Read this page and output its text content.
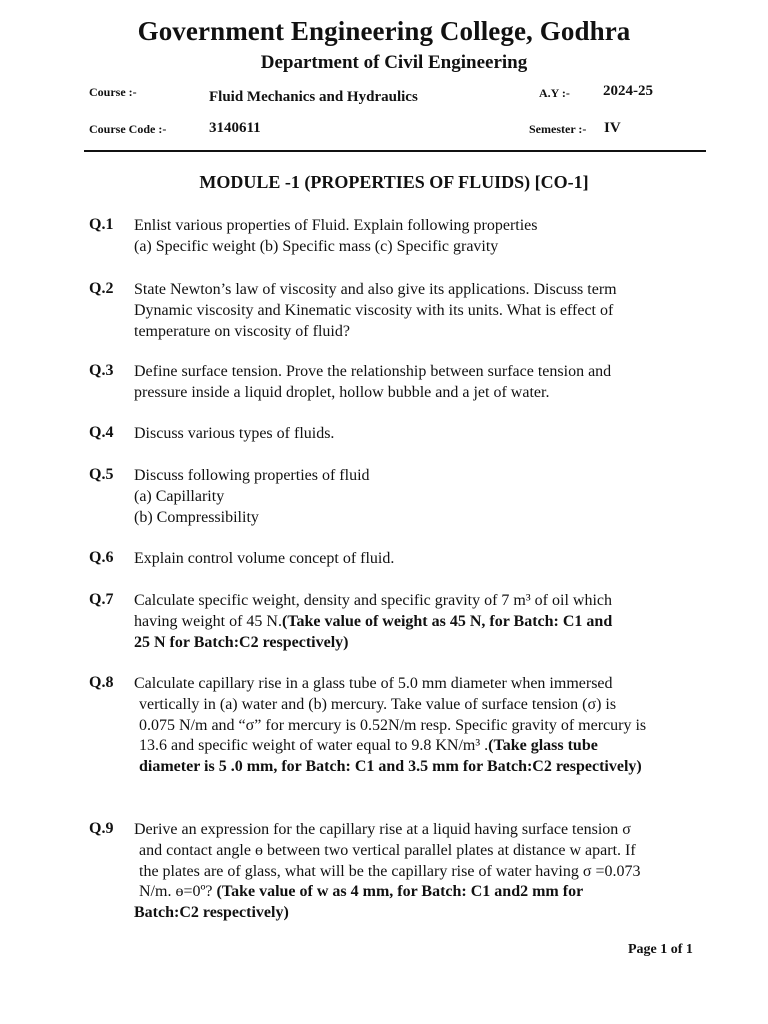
Government Engineering College, Godhra
Department of Civil Engineering
Course :-	Fluid Mechanics and Hydraulics	A.Y :- 2024-25
Course Code :-	3140611	Semester :- IV
MODULE -1 (PROPERTIES OF FLUIDS) [CO-1]
Q.1 Enlist various properties of Fluid. Explain following properties
(a) Specific weight (b) Specific mass (c) Specific gravity
Q.2 State Newton’s law of viscosity and also give its applications. Discuss term
Dynamic viscosity and Kinematic viscosity with its units. What is effect of
temperature on viscosity of fluid?
Q.3 Define surface tension. Prove the relationship between surface tension and
pressure inside a liquid droplet, hollow bubble and a jet of water.
Q.4 Discuss various types of fluids.
Q.5 Discuss following properties of fluid
(a) Capillarity
(b) Compressibility
Q.6 Explain control volume concept of fluid.
Q.7 Calculate specific weight, density and specific gravity of 7 m³ of oil which
having weight of 45 N.(Take value of weight as 45 N, for Batch: C1 and
25 N for Batch:C2 respectively)
Q.8 Calculate capillary rise in a glass tube of 5.0 mm diameter when immersed
vertically in (a) water and (b) mercury. Take value of surface tension (σ) is
0.075 N/m and “σ” for mercury is 0.52N/m resp. Specific gravity of mercury is
13.6 and specific weight of water equal to 9.8 KN/m³ .(Take glass tube
diameter is 5 .0 mm, for Batch: C1 and 3.5 mm for Batch:C2 respectively)
Q.9 Derive an expression for the capillary rise at a liquid having surface tension σ
and contact angle ɵ between two vertical parallel plates at distance w apart. If
the plates are of glass, what will be the capillary rise of water having σ =0.073
N/m. ɵ=0º? (Take value of w as 4 mm, for Batch: C1 and2 mm for
Batch:C2 respectively)
Page 1 of 1
